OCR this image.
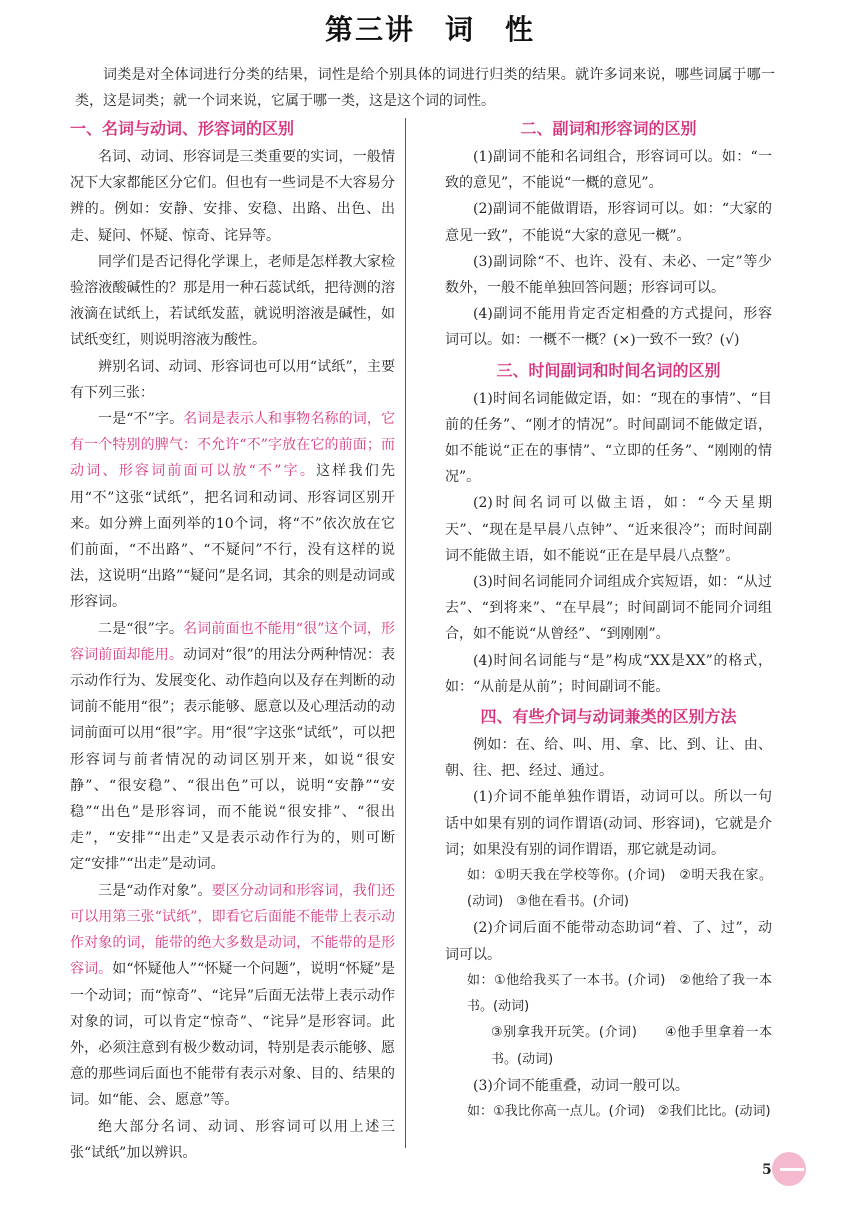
第三讲　词　性

词类是对全体词进行分类的结果，词性是给个别具体的词进行归类的结果。就许多词来说，哪些词属于哪一类，这是词类；就一个词来说，它属于哪一类，这是这个词的词性。

一、名词与动词、形容词的区别

名词、动词、形容词是三类重要的实词，一般情况下大家都能区分它们。但也有一些词是不大容易分辨的。例如：安静、安排、安稳、出路、出色、出走、疑问、怀疑、惊奇、诧异等。

同学们是否记得化学课上，老师是怎样教大家检验溶液酸碱性的？那是用一种石蕊试纸，把待测的溶液滴在试纸上，若试纸发蓝，就说明溶液是碱性，如试纸变红，则说明溶液为酸性。

辨别名词、动词、形容词也可以用“试纸”，主要有下列三张：

一是“不”字。名词是表示人和事物名称的词，它有一个特别的脾气：不允许“不”字放在它的前面；而动词、形容词前面可以放“不”字。这样我们先用“不”这张“试纸”，把名词和动词、形容词区别开来。如分辨上面列举的10个词，将“不”依次放在它们前面，“不出路”、“不疑问”不行，没有这样的说法，这说明“出路”“疑问”是名词，其余的则是动词或形容词。

二是“很”字。名词前面也不能用“很”这个词，形容词前面却能用。动词对“很”的用法分两种情况：表示动作行为、发展变化、动作趋向以及存在判断的动词前不能用“很”；表示能够、愿意以及心理活动的动词前面可以用“很”字。用“很”字这张“试纸”，可以把形容词与前者情况的动词区别开来，如说“很安静”、“很安稳”、“很出色”可以，说明“安静”“安稳”“出色”是形容词，而不能说“很安排”、“很出走”，“安排”“出走”又是表示动作行为的，则可断定“安排”“出走”是动词。

三是“动作对象”。要区分动词和形容词，我们还可以用第三张“试纸”，即看它后面能不能带上表示动作对象的词，能带的绝大多数是动词，不能带的是形容词。如“怀疑他人”“怀疑一个问题”，说明“怀疑”是一个动词；而“惊奇”、“诧异”后面无法带上表示动作对象的词，可以肯定“惊奇”、“诧异”是形容词。此外，必须注意到有极少数动词，特别是表示能够、愿意的那些词后面也不能带有表示对象、目的、结果的词。如“能、会、愿意”等。

绝大部分名词、动词、形容词可以用上述三张“试纸”加以辨识。

二、副词和形容词的区别

(1)副词不能和名词组合，形容词可以。如：“一致的意见”，不能说“一概的意见”。

(2)副词不能做谓语，形容词可以。如：“大家的意见一致”，不能说“大家的意见一概”。

(3)副词除“不、也许、没有、未必、一定”等少数外，一般不能单独回答问题；形容词可以。

(4)副词不能用肯定否定相叠的方式提问，形容词可以。如：一概不一概？(×)一致不一致？(√)

三、时间副词和时间名词的区别

(1)时间名词能做定语，如：“现在的事情”、“目前的任务”、“刚才的情况”。时间副词不能做定语，如不能说“正在的事情”、“立即的任务”、“刚刚的情况”。

(2)时间名词可以做主语，如：“今天星期天”、“现在是早晨八点钟”、“近来很冷”；而时间副词不能做主语，如不能说“正在是早晨八点整”。

(3)时间名词能同介词组成介宾短语，如：“从过去”、“到将来”、“在早晨”；时间副词不能同介词组合，如不能说“从曾经”、“到刚刚”。

(4)时间名词能与“是”构成“XX是XX”的格式，如：“从前是从前”；时间副词不能。

四、有些介词与动词兼类的区别方法

例如：在、给、叫、用、拿、比、到、让、由、朝、往、把、经过、通过。

(1)介词不能单独作谓语，动词可以。所以一句话中如果有别的词作谓语(动词、形容词)，它就是介词；如果没有别的词作谓语，那它就是动词。

如：①明天我在学校等你。(介词)　②明天我在家。(动词)　③他在看书。(介词)

(2)介词后面不能带动态助词“着、了、过”，动词可以。

如：①他给我买了一本书。(介词)　②他给了我一本书。(动词)

③别拿我开玩笑。(介词)　　④他手里拿着一本书。(动词)

(3)介词不能重叠，动词一般可以。

如：①我比你高一点儿。(介词)　②我们比比。(动词)

5
